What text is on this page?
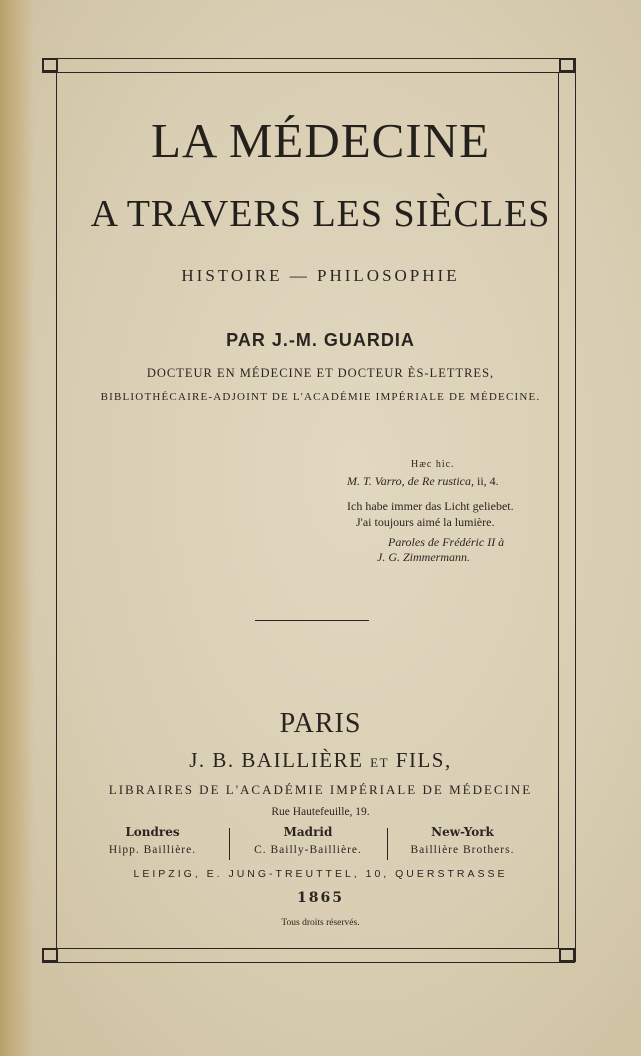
LA MÉDECINE
A TRAVERS LES SIÈCLES
HISTOIRE — PHILOSOPHIE
PAR J.-M. GUARDIA
DOCTEUR EN MÉDECINE ET DOCTEUR ÈS-LETTRES,
BIBLIOTHÉCAIRE-ADJOINT DE L'ACADÉMIE IMPÉRIALE DE MÉDECINE.
Hæc hic.
M. T. Varro, de Re rustica, ii, 4.
Ich habe immer das Licht geliebet.
J'ai toujours aimé la lumière.
Paroles de Frédéric II à
J. G. Zimmermann.
PARIS
J. B. BAILLIÈRE ET FILS,
LIBRAIRES DE L'ACADÉMIE IMPÉRIALE DE MÉDECINE
Rue Hautefeuille, 19.
Londres
Hipp. Baillière.
Madrid
C. Bailly-Baillière.
New-York
Baillière Brothers.
LEIPZIG, E. JUNG-TREUTTEL, 10, QUERSTRASSE
1865
Tous droits réservés.
